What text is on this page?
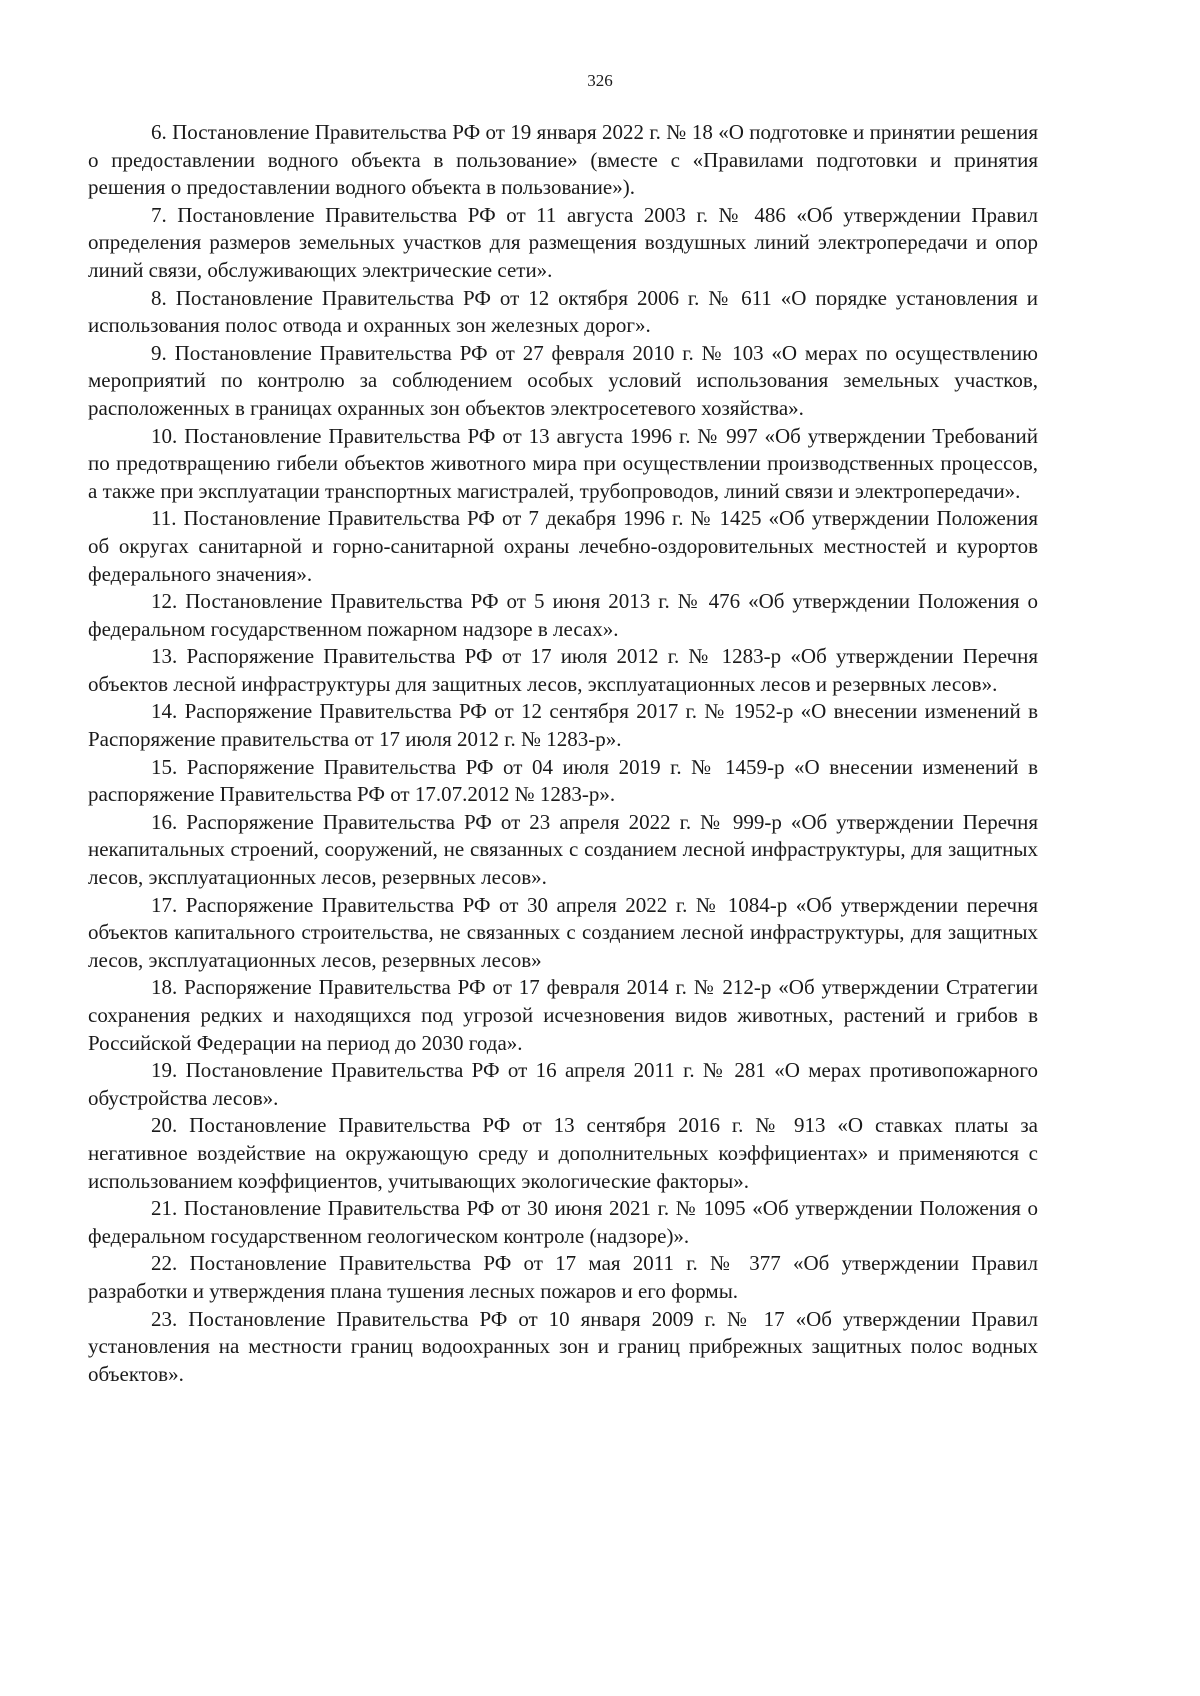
326

6. Постановление Правительства РФ от 19 января 2022 г. № 18 «О подготовке и принятии решения о предоставлении водного объекта в пользование» (вместе с «Правилами подготовки и принятия решения о предоставлении водного объекта в пользование»).

7. Постановление Правительства РФ от 11 августа 2003 г. № 486 «Об утверждении Правил определения размеров земельных участков для размещения воздушных линий электропередачи и опор линий связи, обслуживающих электрические сети».

8. Постановление Правительства РФ от 12 октября 2006 г. № 611 «О порядке установления и использования полос отвода и охранных зон железных дорог».

9. Постановление Правительства РФ от 27 февраля 2010 г. № 103 «О мерах по осуществлению мероприятий по контролю за соблюдением особых условий использования земельных участков, расположенных в границах охранных зон объектов электросетевого хозяйства».

10. Постановление Правительства РФ от 13 августа 1996 г. № 997 «Об утверждении Требований по предотвращению гибели объектов животного мира при осуществлении производственных процессов, а также при эксплуатации транспортных магистралей, трубопроводов, линий связи и электропередачи».

11. Постановление Правительства РФ от 7 декабря 1996 г. № 1425 «Об утверждении Положения об округах санитарной и горно-санитарной охраны лечебно-оздоровительных местностей и курортов федерального значения».

12. Постановление Правительства РФ от 5 июня 2013 г. № 476 «Об утверждении Положения о федеральном государственном пожарном надзоре в лесах».

13. Распоряжение Правительства РФ от 17 июля 2012 г. № 1283-р «Об утверждении Перечня объектов лесной инфраструктуры для защитных лесов, эксплуатационных лесов и резервных лесов».

14. Распоряжение Правительства РФ от 12 сентября 2017 г. № 1952-р «О внесении изменений в Распоряжение правительства от 17 июля 2012 г. № 1283-р».

15. Распоряжение Правительства РФ от 04 июля 2019 г. № 1459-р «О внесении изменений в распоряжение Правительства РФ от 17.07.2012 № 1283-р».

16. Распоряжение Правительства РФ от 23 апреля 2022 г. № 999-р «Об утверждении Перечня некапитальных строений, сооружений, не связанных с созданием лесной инфраструктуры, для защитных лесов, эксплуатационных лесов, резервных лесов».

17. Распоряжение Правительства РФ от 30 апреля 2022 г. № 1084-р «Об утверждении перечня объектов капитального строительства, не связанных с созданием лесной инфраструктуры, для защитных лесов, эксплуатационных лесов, резервных лесов»

18. Распоряжение Правительства РФ от 17 февраля 2014 г. № 212-р «Об утверждении Стратегии сохранения редких и находящихся под угрозой исчезновения видов животных, растений и грибов в Российской Федерации на период до 2030 года».

19. Постановление Правительства РФ от 16 апреля 2011 г. № 281 «О мерах противопожарного обустройства лесов».

20. Постановление Правительства РФ от 13 сентября 2016 г. № 913 «О ставках платы за негативное воздействие на окружающую среду и дополнительных коэффициентах» и применяются с использованием коэффициентов, учитывающих экологические факторы».

21. Постановление Правительства РФ от 30 июня 2021 г. № 1095 «Об утверждении Положения о федеральном государственном геологическом контроле (надзоре)».

22. Постановление Правительства РФ от 17 мая 2011 г. № 377 «Об утверждении Правил разработки и утверждения плана тушения лесных пожаров и его формы.

23. Постановление Правительства РФ от 10 января 2009 г. № 17 «Об утверждении Правил установления на местности границ водоохранных зон и границ прибрежных защитных полос водных объектов».
